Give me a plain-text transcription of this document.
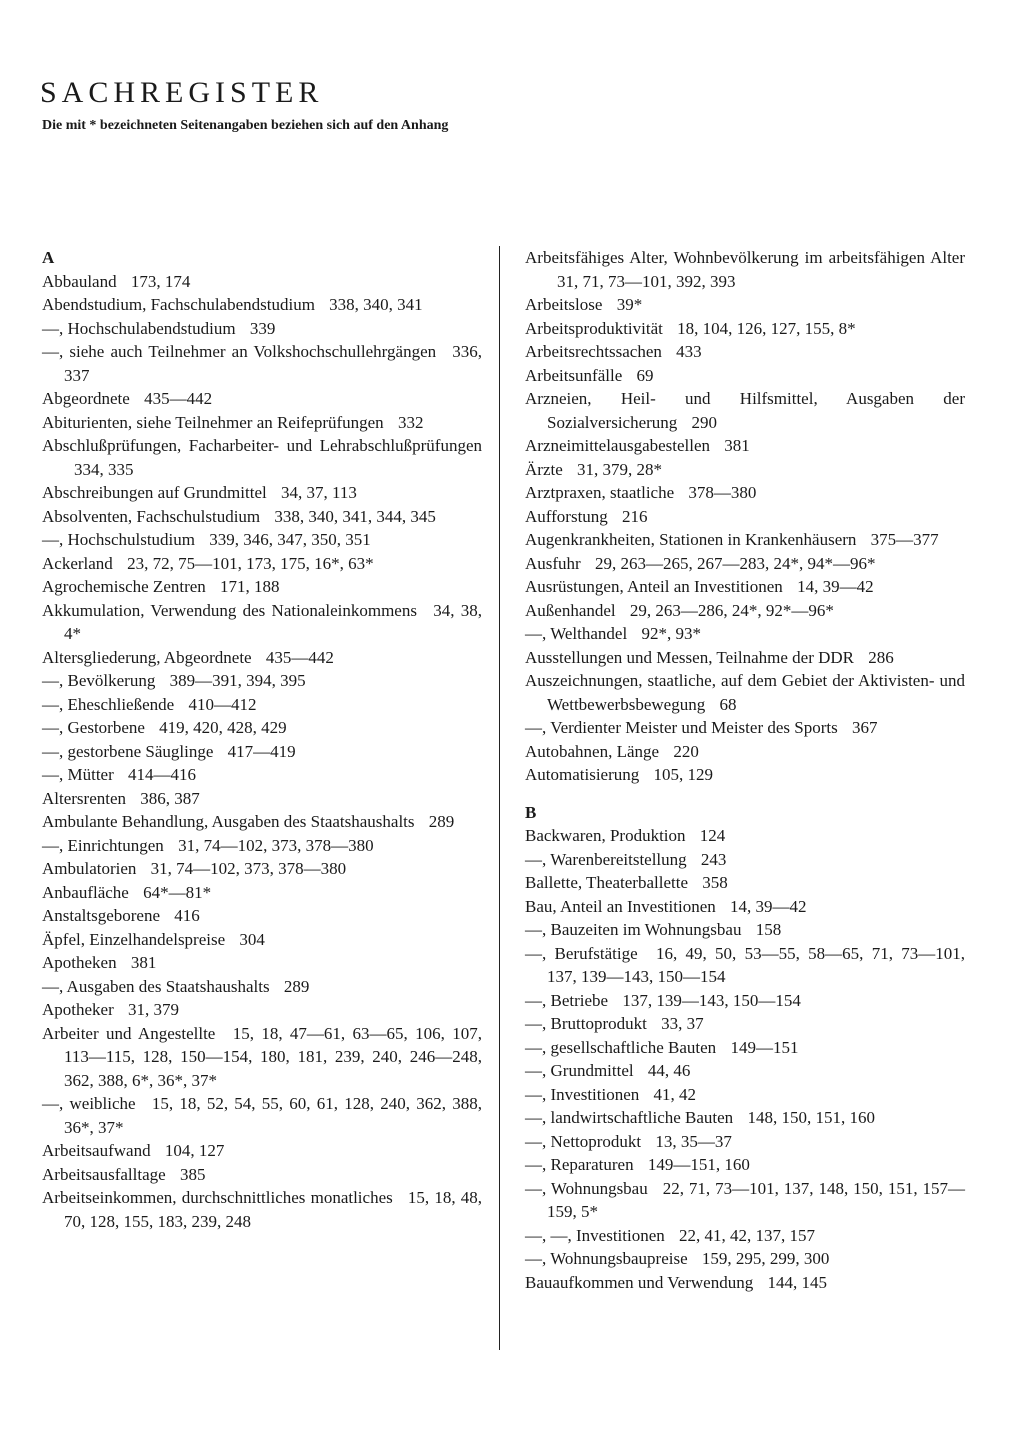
SACHREGISTER
Die mit * bezeichneten Seitenangaben beziehen sich auf den Anhang
A
Abbauland 173, 174
Abendstudium, Fachschulabendstudium 338, 340, 341
—, Hochschulabendstudium 339
—, siehe auch Teilnehmer an Volkshochschullehrgängen 336, 337
Abgeordnete 435—442
Abiturienten, siehe Teilnehmer an Reifeprüfungen 332
Abschlußprüfungen, Facharbeiter- und Lehrabschlußprüfungen 334, 335
Abschreibungen auf Grundmittel 34, 37, 113
Absolventen, Fachschulstudium 338, 340, 341, 344, 345
—, Hochschulstudium 339, 346, 347, 350, 351
Ackerland 23, 72, 75—101, 173, 175, 16*, 63*
Agrochemische Zentren 171, 188
Akkumulation, Verwendung des Nationaleinkommens 34, 38, 4*
Altersgliederung, Abgeordnete 435—442
—, Bevölkerung 389—391, 394, 395
—, Eheschließende 410—412
—, Gestorbene 419, 420, 428, 429
—, gestorbene Säuglinge 417—419
—, Mütter 414—416
Altersrenten 386, 387
Ambulante Behandlung, Ausgaben des Staatshaushalts 289
—, Einrichtungen 31, 74—102, 373, 378—380
Ambulatorien 31, 74—102, 373, 378—380
Anbaufläche 64*—81*
Anstaltsgeborene 416
Äpfel, Einzelhandelspreise 304
Apotheken 381
—, Ausgaben des Staatshaushalts 289
Apotheker 31, 379
Arbeiter und Angestellte 15, 18, 47—61, 63—65, 106, 107, 113—115, 128, 150—154, 180, 181, 239, 240, 246—248, 362, 388, 6*, 36*, 37*
—, weibliche 15, 18, 52, 54, 55, 60, 61, 128, 240, 362, 388, 36*, 37*
Arbeitsaufwand 104, 127
Arbeitsausfalltage 385
Arbeitseinkommen, durchschnittliches monatliches 15, 18, 48, 70, 128, 155, 183, 239, 248
Arbeitsfähiges Alter, Wohnbevölkerung im arbeitsfähigen Alter 31, 71, 73—101, 392, 393
Arbeitslose 39*
Arbeitsproduktivität 18, 104, 126, 127, 155, 8*
Arbeitsrechtssachen 433
Arbeitsunfälle 69
Arzneien, Heil- und Hilfsmittel, Ausgaben der Sozialversicherung 290
Arzneimittelausgabestellen 381
Ärzte 31, 379, 28*
Arztpraxen, staatliche 378—380
Aufforstung 216
Augenkrankheiten, Stationen in Krankenhäusern 375—377
Ausfuhr 29, 263—265, 267—283, 24*, 94*—96*
Ausrüstungen, Anteil an Investitionen 14, 39—42
Außenhandel 29, 263—286, 24*, 92*—96*
—, Welthandel 92*, 93*
Ausstellungen und Messen, Teilnahme der DDR 286
Auszeichnungen, staatliche, auf dem Gebiet der Aktivisten- und Wettbewerbsbewegung 68
—, Verdienter Meister und Meister des Sports 367
Autobahnen, Länge 220
Automatisierung 105, 129
B
Backwaren, Produktion 124
—, Warenbereitstellung 243
Ballette, Theaterballette 358
Bau, Anteil an Investitionen 14, 39—42
—, Bauzeiten im Wohnungsbau 158
—, Berufstätige 16, 49, 50, 53—55, 58—65, 71, 73—101, 137, 139—143, 150—154
—, Betriebe 137, 139—143, 150—154
—, Bruttoprodukt 33, 37
—, gesellschaftliche Bauten 149—151
—, Grundmittel 44, 46
—, Investitionen 41, 42
—, landwirtschaftliche Bauten 148, 150, 151, 160
—, Nettoprodukt 13, 35—37
—, Reparaturen 149—151, 160
—, Wohnungsbau 22, 71, 73—101, 137, 148, 150, 151, 157—159, 5*
—, —, Investitionen 22, 41, 42, 137, 157
—, Wohnungsbaupreise 159, 295, 299, 300
Bauaufkommen und Verwendung 144, 145
